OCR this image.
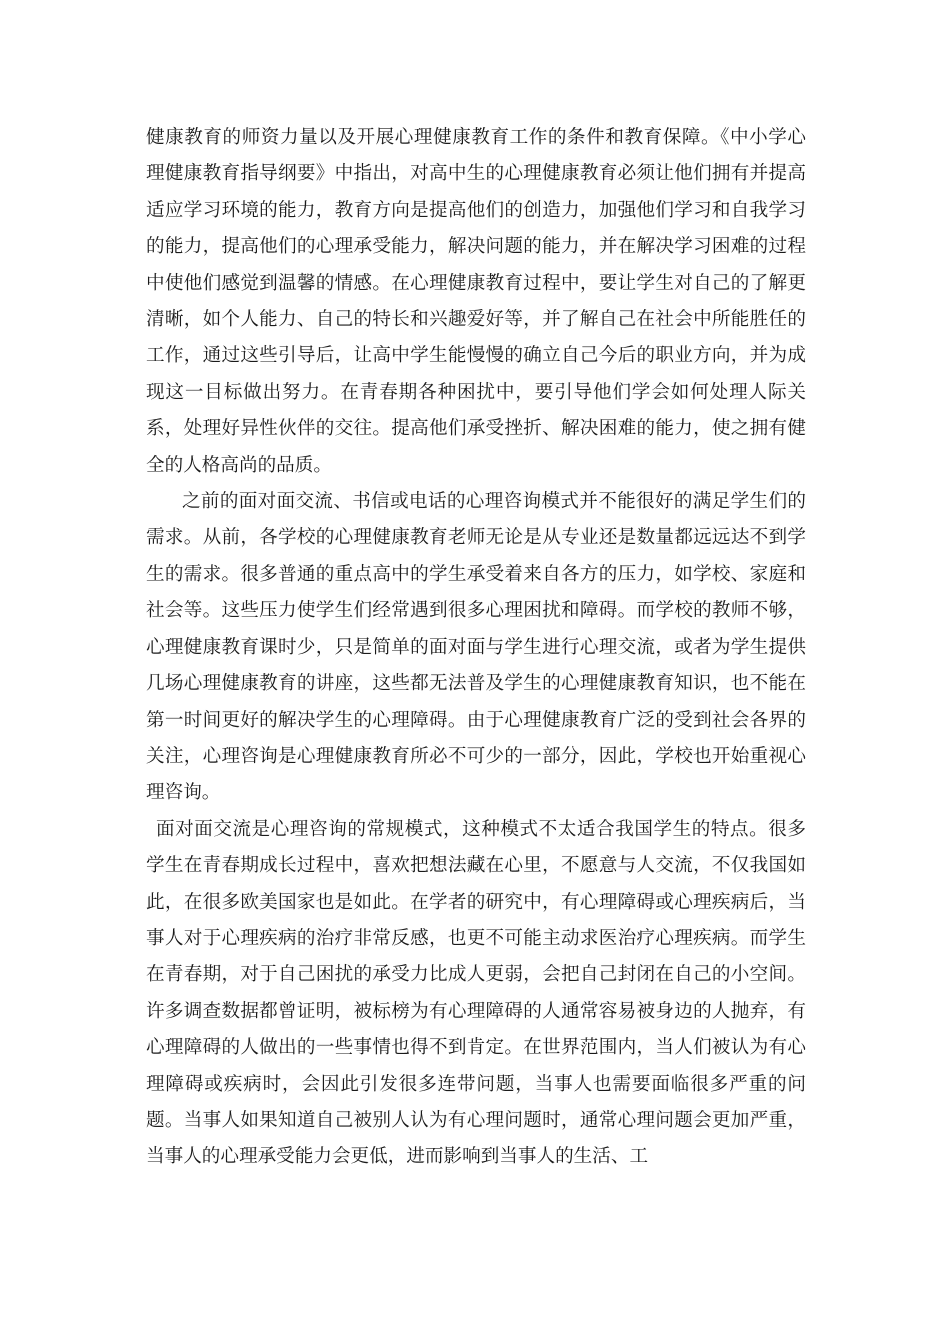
健康教育的师资力量以及开展心理健康教育工作的条件和教育保障。《中小学心理健康教育指导纲要》中指出，对高中生的心理健康教育必须让他们拥有并提高适应学习环境的能力，教育方向是提高他们的创造力，加强他们学习和自我学习的能力，提高他们的心理承受能力，解决问题的能力，并在解决学习困难的过程中使他们感觉到温馨的情感。在心理健康教育过程中，要让学生对自己的了解更清晰，如个人能力、自己的特长和兴趣爱好等，并了解自己在社会中所能胜任的工作，通过这些引导后，让高中学生能慢慢的确立自己今后的职业方向，并为成现这一目标做出努力。在青春期各种困扰中，要引导他们学会如何处理人际关系，处理好异性伙伴的交往。提高他们承受挫折、解决困难的能力，使之拥有健全的人格高尚的品质。

之前的面对面交流、书信或电话的心理咨询模式并不能很好的满足学生们的需求。从前，各学校的心理健康教育老师无论是从专业还是数量都远远达不到学生的需求。很多普通的重点高中的学生承受着来自各方的压力，如学校、家庭和社会等。这些压力使学生们经常遇到很多心理困扰和障碍。而学校的教师不够，心理健康教育课时少，只是简单的面对面与学生进行心理交流，或者为学生提供几场心理健康教育的讲座，这些都无法普及学生的心理健康教育知识，也不能在第一时间更好的解决学生的心理障碍。由于心理健康教育广泛的受到社会各界的关注，心理咨询是心理健康教育所必不可少的一部分，因此，学校也开始重视心理咨询。

面对面交流是心理咨询的常规模式，这种模式不太适合我国学生的特点。很多学生在青春期成长过程中，喜欢把想法藏在心里，不愿意与人交流，不仅我国如此，在很多欧美国家也是如此。在学者的研究中，有心理障碍或心理疾病后，当事人对于心理疾病的治疗非常反感，也更不可能主动求医治疗心理疾病。而学生在青春期，对于自己困扰的承受力比成人更弱，会把自己封闭在自己的小空间。许多调查数据都曾证明，被标榜为有心理障碍的人通常容易被身边的人抛弃，有心理障碍的人做出的一些事情也得不到肯定。在世界范围内，当人们被认为有心理障碍或疾病时，会因此引发很多连带问题，当事人也需要面临很多严重的问题。当事人如果知道自己被别人认为有心理问题时，通常心理问题会更加严重，当事人的心理承受能力会更低，进而影响到当事人的生活、工
